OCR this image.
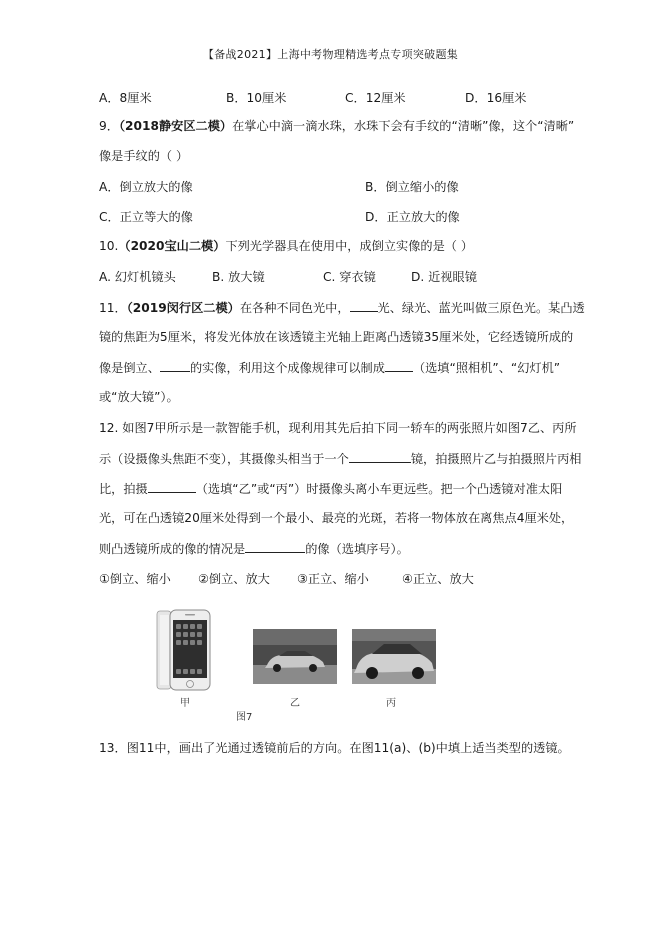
【备战2021】上海中考物理精选考点专项突破题集
A．8厘米	B．10厘米	C．12厘米	D．16厘米
9．（2018静安区二模）在掌心中滴一滴水珠，水珠下会有手纹的“清晰”像，这个“清晰”
像是手纹的（ ）
A．倒立放大的像	B．倒立缩小的像
C．正立等大的像	D．正立放大的像
10.（2020宝山二模）下列光学器具在使用中，成倒立实像的是（ ）
A. 幻灯机镜头	B. 放大镜	C. 穿衣镜	D. 近视眼镜
11．（2019闵行区二模）在各种不同色光中， 光、绿光、蓝光叫做三原色光。某凸透
镜的焦距为5厘米，将发光体放在该透镜主光轴上距离凸透镜35厘米处，它经透镜所成的
像是倒立、 的实像，利用这个成像规律可以制成 （选填“照相机”、“幻灯机”
或“放大镜”）。
12. 如图7甲所示是一款智能手机，现利用其先后拍下同一轿车的两张照片如图7乙、丙所
示（设摄像头焦距不变），其摄像头相当于一个	镜，拍摄照片乙与拍摄照片丙相
比，拍摄	（选填“乙”或“丙”）时摄像头离小车更远些。把一个凸透镜对准太阳
光，可在凸透镜20厘米处得到一个最小、最亮的光斑，若将一物体放在离焦点4厘米处，
则凸透镜所成的像的情况是	的像（选填序号）。
①倒立、缩小 ②倒立、放大 ③正立、缩小	④正立、放大
甲	乙	丙
图7
13．图11中，画出了光通过透镜前后的方向。在图11(a)、(b)中填上适当类型的透镜。
